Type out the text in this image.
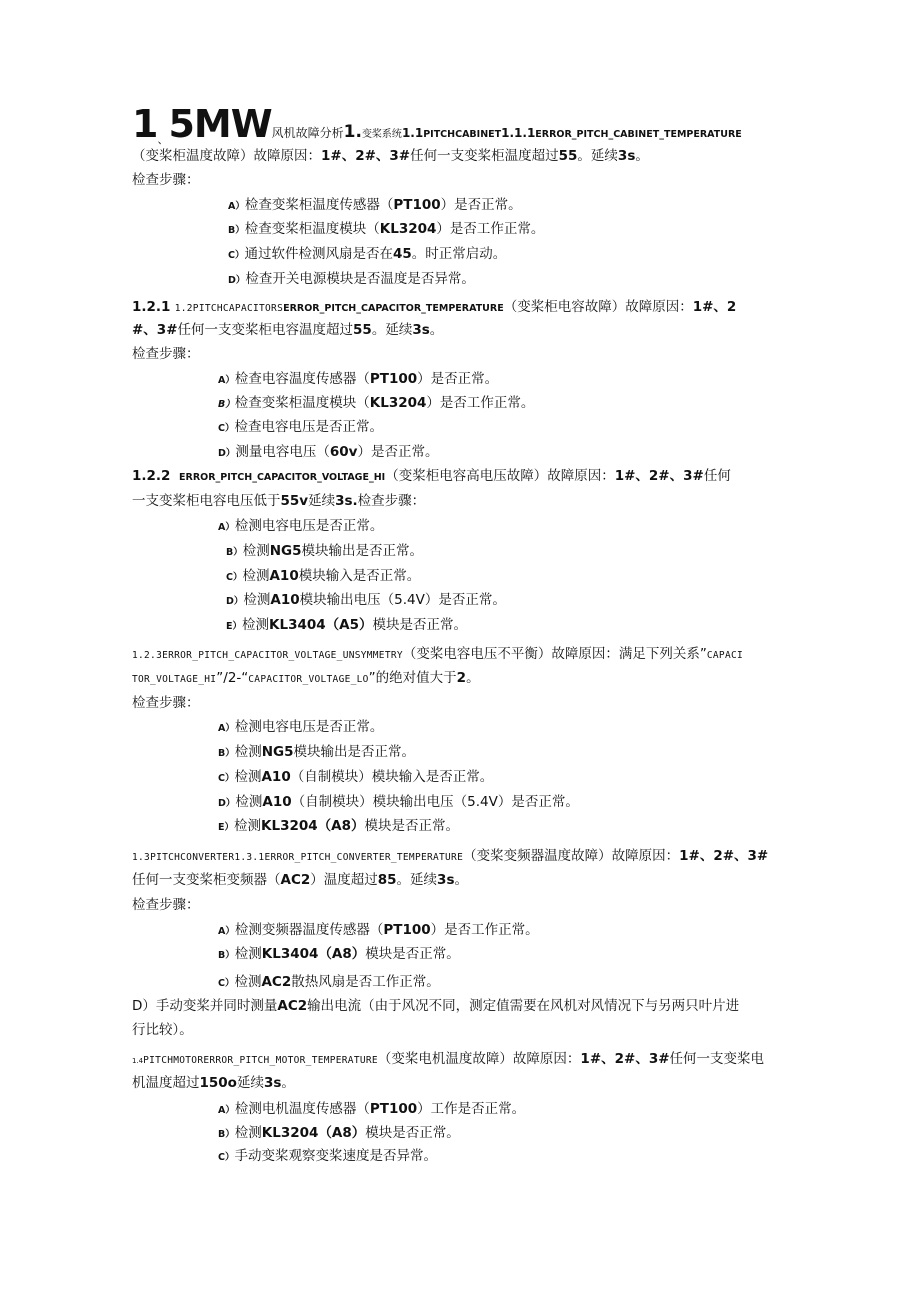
$1_、5MW$风机故障分析1.变桨系统1.1PITCHCABINET1.1.1ERROR_PITCH_CABINET_TEMPERATURE
（变桨柜温度故障）故障原因：1#、2#、3#任何一支变桨柜温度超过55。延续3s。
检查步骤：
A）检查变桨柜温度传感器（PT100）是否正常。
B）检查变桨柜温度模块（KL3204）是否工作正常。
C）通过软件检测风扇是否在45。时正常启动。
D）检查开关电源模块是否温度是否异常。
1.2.1 1.2PITCHCAPACITORSERROR_PITCH_CAPACITOR_TEMPERATURE（变桨柜电容故障）故障原因：1#、2
#、3#任何一支变桨柜电容温度超过55。延续3s。
检查步骤：
A）检查电容温度传感器（PT100）是否正常。
B）检查变桨柜温度模块（KL3204）是否工作正常。
C）检查电容电压是否正常。
D）测量电容电压（60v）是否正常。
1.2.2 ERROR_PITCH_CAPACITOR_VOLTAGE_HI（变桨柜电容高电压故障）故障原因：1#、2#、3#任何
一支变桨柜电容电压低于55v延续3s.检查步骤：
A）检测电容电压是否正常。
B）检测NG5模块输出是否正常。
C）检测A10模块输入是否正常。
D）检测A10模块输出电压（5.4V）是否正常。
E）检测KL3404（A5）模块是否正常。
1.2.3ERROR_PITCH_CAPACITOR_VOLTAGE_UNSYMMETRY（变桨电容电压不平衡）故障原因：满足下列关系”CAPACI
TOR_VOLTAGE_HI”/2-“CAPACITOR_VOLTAGE_LO”的绝对值大于2。
检查步骤：
A）检测电容电压是否正常。
B）检测NG5模块输出是否正常。
C）检测A10（自制模块）模块输入是否正常。
D）检测A10（自制模块）模块输出电压（5.4V）是否正常。
E）检测KL3204（A8）模块是否正常。
1.3PITCHCONVERTER1.3.1ERROR_PITCH_CONVERTER_TEMPERATURE（变桨变频器温度故障）故障原因：1#、2#、3#
任何一支变桨柜变频器（AC2）温度超过85。延续3s。
检查步骤：
A）检测变频器温度传感器（PT100）是否工作正常。
B）检测KL3404（A8）模块是否正常。
C）检测AC2散热风扇是否工作正常。
D）手动变桨并同时测量AC2输出电流（由于风况不同，测定值需要在风机对风情况下与另两只叶片进
行比较）。
1.4PITCHMOTORERROR_PITCH_MOTOR_TEMPERATURE（变桨电机温度故障）故障原因：1#、2#、3#任何一支变桨电
机温度超过150o延续3s。
A）检测电机温度传感器（PT100）工作是否正常。
B）检测KL3204（A8）模块是否正常。
C）手动变桨观察变桨速度是否异常。
